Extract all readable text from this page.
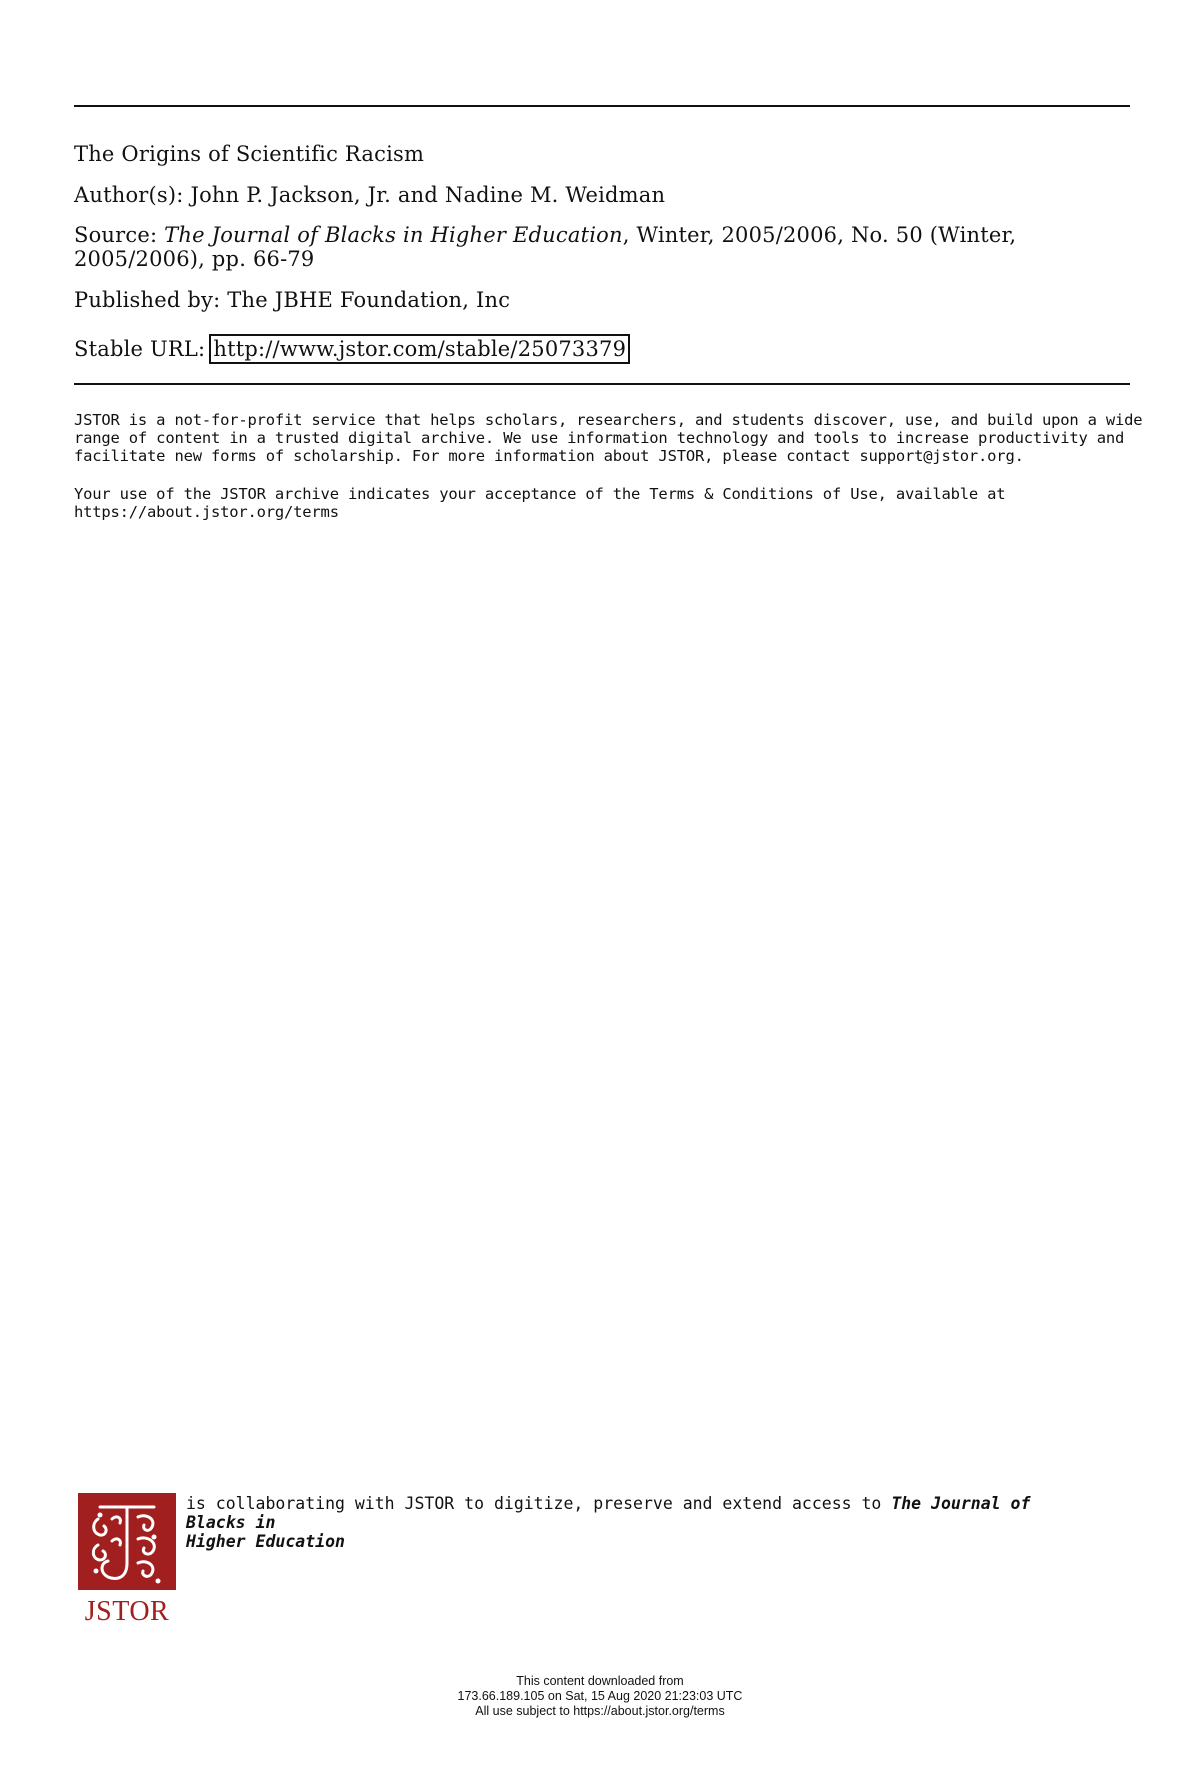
The Origins of Scientific Racism
Author(s): John P. Jackson, Jr. and Nadine M. Weidman
Source: The Journal of Blacks in Higher Education, Winter, 2005/2006, No. 50 (Winter,
2005/2006), pp. 66-79
Published by: The JBHE Foundation, Inc
Stable URL: http://www.jstor.com/stable/25073379
JSTOR is a not-for-profit service that helps scholars, researchers, and students discover, use, and build upon a wide
range of content in a trusted digital archive. We use information technology and tools to increase productivity and
facilitate new forms of scholarship. For more information about JSTOR, please contact support@jstor.org.
Your use of the JSTOR archive indicates your acceptance of the Terms & Conditions of Use, available at
https://about.jstor.org/terms
JSTOR
is collaborating with JSTOR to digitize, preserve and extend access to The Journal of Blacks in
Higher Education
This content downloaded from
173.66.189.105 on Sat, 15 Aug 2020 21:23:03 UTC
All use subject to https://about.jstor.org/terms
